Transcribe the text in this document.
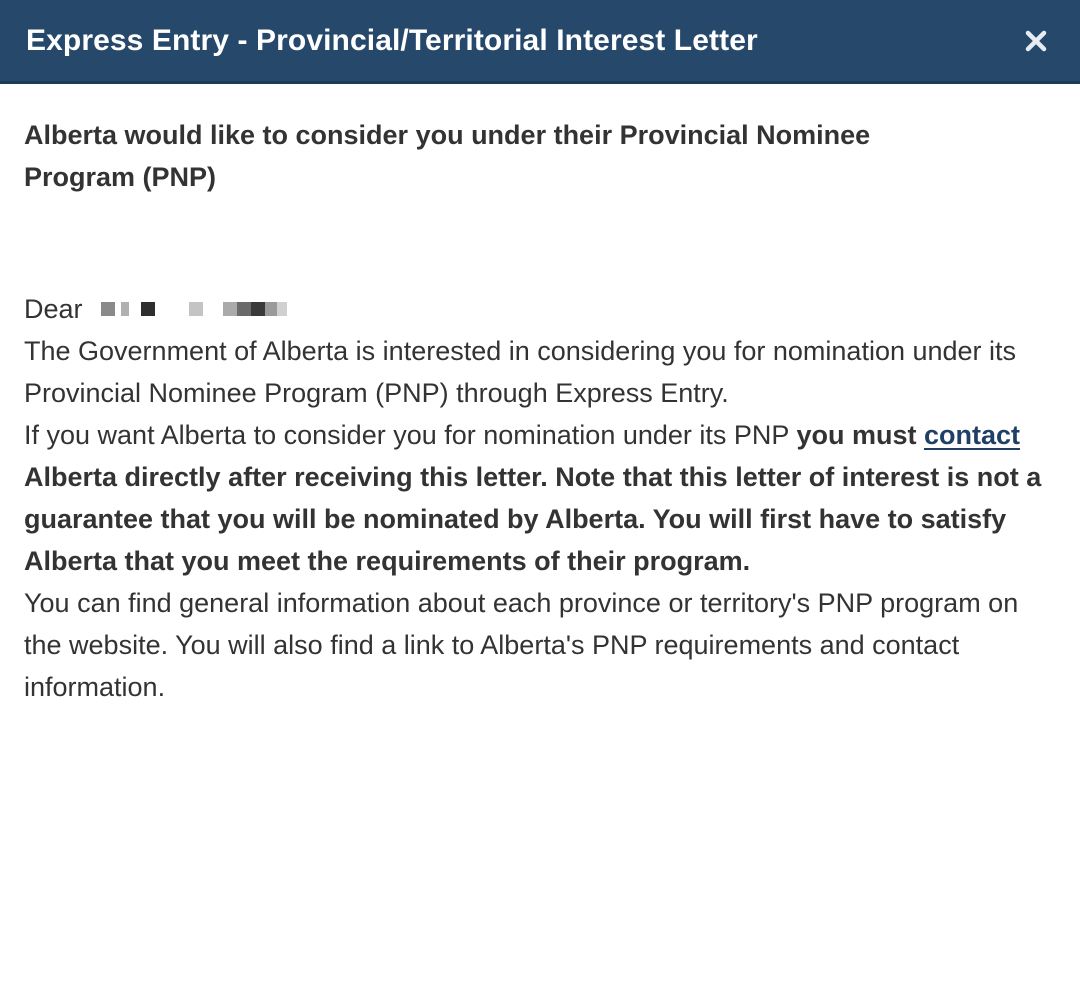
Express Entry - Provincial/Territorial Interest Letter
Alberta would like to consider you under their Provincial Nominee Program (PNP)
Dear

The Government of Alberta is interested in considering you for nomination under its Provincial Nominee Program (PNP) through Express Entry.

If you want Alberta to consider you for nomination under its PNP you must contact Alberta directly after receiving this letter. Note that this letter of interest is not a guarantee that you will be nominated by Alberta. You will first have to satisfy Alberta that you meet the requirements of their program.

You can find general information about each province or territory's PNP program on the website. You will also find a link to Alberta's PNP requirements and contact information.
